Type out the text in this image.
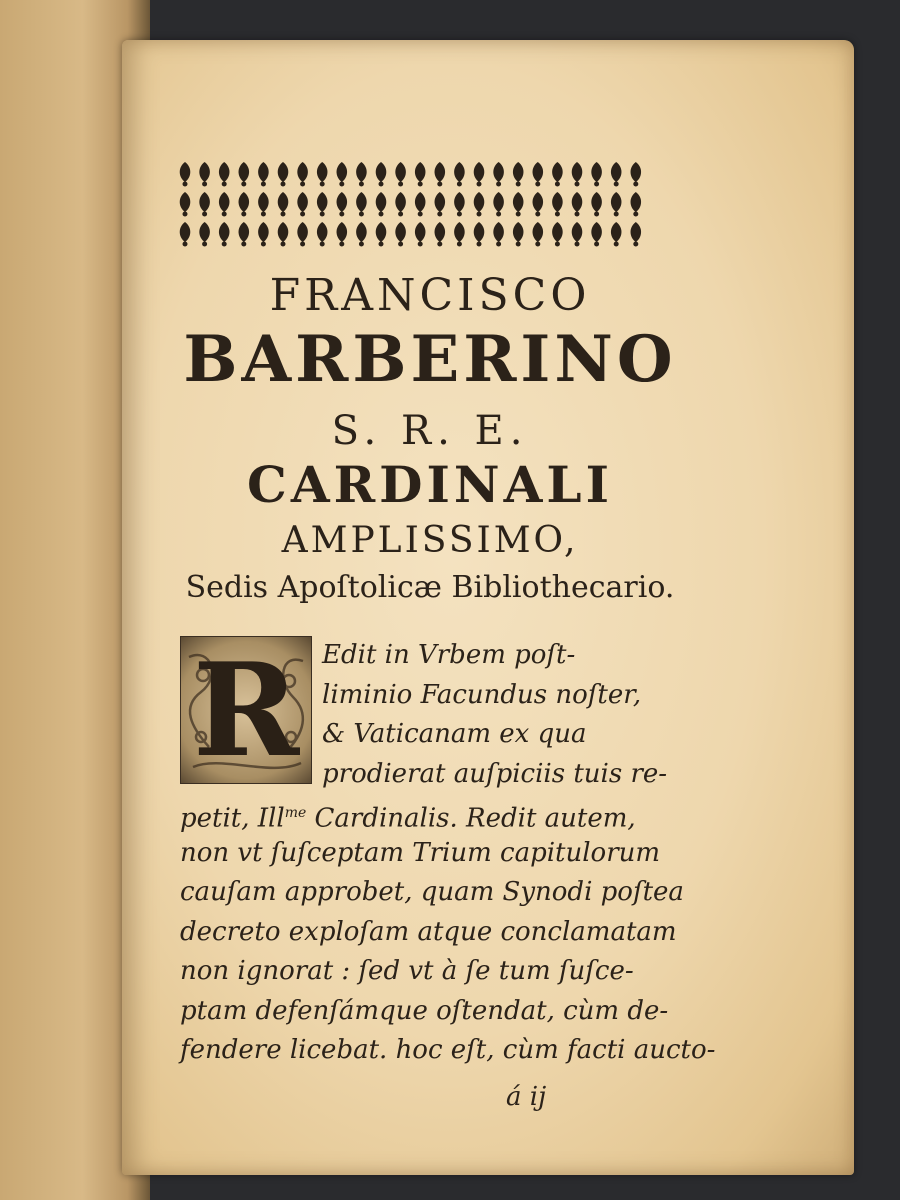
FRANCISCO
BARBERINO
S. R. E.
CARDINALI
AMPLISSIMO,
Sedis Apoſtolicæ Bibliothecario.
R Edit in Vrbem poſt-
liminio Facundus noſter,
& Vaticanam ex qua
prodierat auſpiciis tuis re-
petit, Ill$^{me}$ Cardinalis. Redit autem,
non vt ſuſceptam Trium capitulorum
cauſam approbet, quam Synodi poſtea
decreto exploſam atque conclamatam
non ignorat : ſed vt à ſe tum ſuſce-
ptam defenſámque oſtendat, cùm de-
fendere licebat. hoc eſt, cùm facti aucto-
á ij
